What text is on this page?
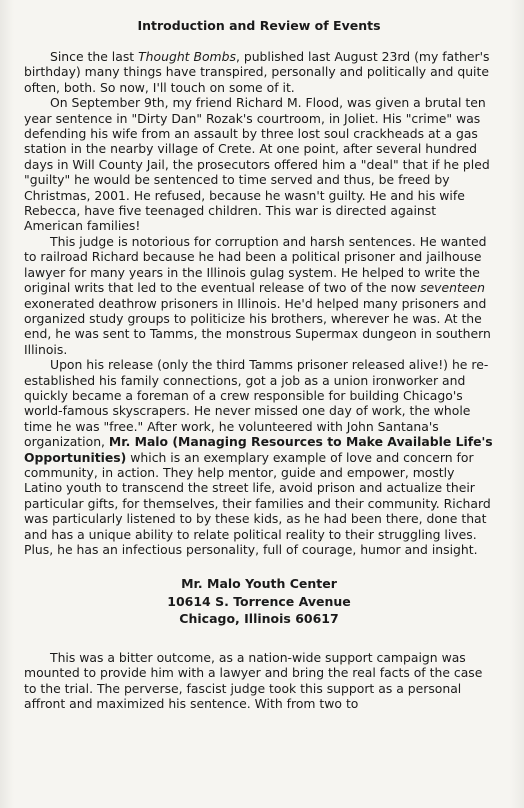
Introduction and Review of Events

Since the last Thought Bombs, published last August 23rd (my father's birthday) many things have transpired, personally and politically and quite often, both. So now, I'll touch on some of it.

On September 9th, my friend Richard M. Flood, was given a brutal ten year sentence in "Dirty Dan" Rozak's courtroom, in Joliet. His "crime" was defending his wife from an assault by three lost soul crackheads at a gas station in the nearby village of Crete. At one point, after several hundred days in Will County Jail, the prosecutors offered him a "deal" that if he pled "guilty" he would be sentenced to time served and thus, be freed by Christmas, 2001. He refused, because he wasn't guilty. He and his wife Rebecca, have five teenaged children. This war is directed against American families!

This judge is notorious for corruption and harsh sentences. He wanted to railroad Richard because he had been a political prisoner and jailhouse lawyer for many years in the Illinois gulag system. He helped to write the original writs that led to the eventual release of two of the now seventeen exonerated deathrow prisoners in Illinois. He'd helped many prisoners and organized study groups to politicize his brothers, wherever he was. At the end, he was sent to Tamms, the monstrous Supermax dungeon in southern Illinois.

Upon his release (only the third Tamms prisoner released alive!) he re-established his family connections, got a job as a union ironworker and quickly became a foreman of a crew responsible for building Chicago's world-famous skyscrapers. He never missed one day of work, the whole time he was "free." After work, he volunteered with John Santana's organization, Mr. Malo (Managing Resources to Make Available Life's Opportunities) which is an exemplary example of love and concern for community, in action. They help mentor, guide and empower, mostly Latino youth to transcend the street life, avoid prison and actualize their particular gifts, for themselves, their families and their community. Richard was particularly listened to by these kids, as he had been there, done that and has a unique ability to relate political reality to their struggling lives. Plus, he has an infectious personality, full of courage, humor and insight.

Mr. Malo Youth Center
10614 S. Torrence Avenue
Chicago, Illinois 60617

This was a bitter outcome, as a nation-wide support campaign was mounted to provide him with a lawyer and bring the real facts of the case to the trial. The perverse, fascist judge took this support as a personal affront and maximized his sentence. With from two to
